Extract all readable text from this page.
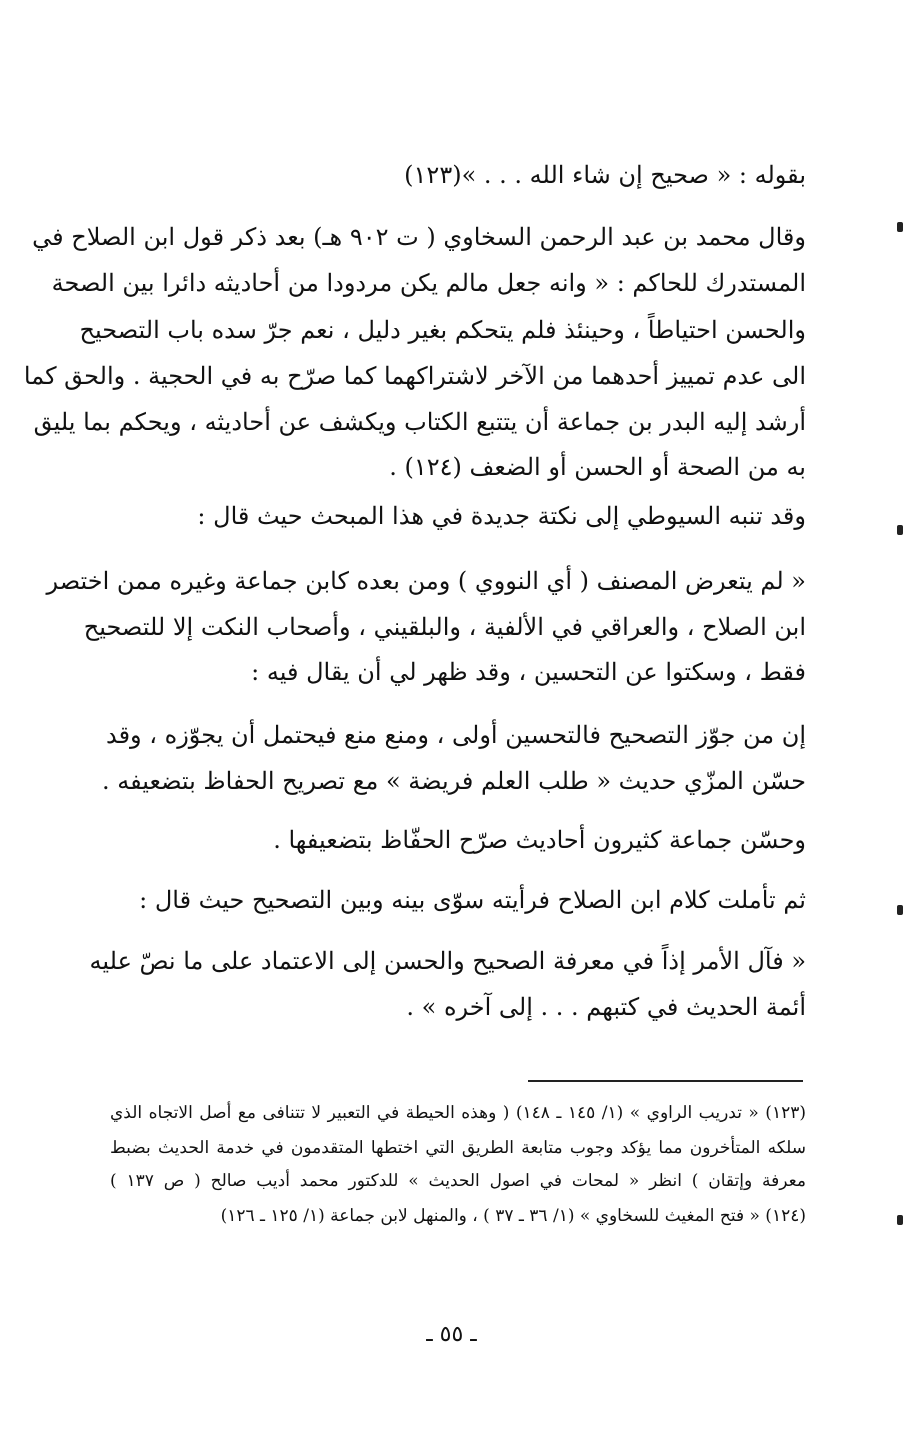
بقوله : « صحيح إن شاء الله . . . »(١٢٣)
وقال محمد بن عبد الرحمن السخاوي ( ت ٩٠٢ هـ) بعد ذكر قول ابن الصلاح في
المستدرك للحاكم : « وانه جعل مالم يكن مردودا من أحاديثه دائرا بين الصحة
والحسن احتياطاً ، وحينئذ فلم يتحكم بغير دليل ، نعم جرّ سده باب التصحيح
الى عدم تمييز أحدهما من الآخر لاشتراكهما كما صرّح به في الحجية . والحق كما
أرشد إليه البدر بن جماعة أن يتتبع الكتاب ويكشف عن أحاديثه ، ويحكم بما يليق
به من الصحة أو الحسن أو الضعف (١٢٤) .
وقد تنبه السيوطي إلى نكتة جديدة في هذا المبحث حيث قال :
« لم يتعرض المصنف ( أي النووي ) ومن بعده كابن جماعة وغيره ممن اختصر
ابن الصلاح ، والعراقي في الألفية ، والبلقيني ، وأصحاب النكت إلا للتصحيح
فقط ، وسكتوا عن التحسين ، وقد ظهر لي أن يقال فيه :
إن من جوّز التصحيح فالتحسين أولى ، ومنع منع فيحتمل أن يجوّزه ، وقد
حسّن المزّي حديث « طلب العلم فريضة » مع تصريح الحفاظ بتضعيفه .
وحسّن جماعة كثيرون أحاديث صرّح الحفّاظ بتضعيفها .
ثم تأملت كلام ابن الصلاح فرأيته سوّى بينه وبين التصحيح حيث قال :
« فآل الأمر إذاً في معرفة الصحيح والحسن إلى الاعتماد على ما نصّ عليه
أئمة الحديث في كتبهم . . . إلى آخره » .
(١٢٣) « تدريب الراوي » (١/ ١٤٥ ـ ١٤٨) ( وهذه الحيطة في التعبير لا تتنافى مع أصل الاتجاه الذي
سلكه المتأخرون مما يؤكد وجوب متابعة الطريق التي اختطها المتقدمون في خدمة الحديث بضبط
معرفة وإتقان ) انظر « لمحات في اصول الحديث » للدكتور محمد أديب صالح ( ص ١٣٧ )
(١٢٤) « فتح المغيث للسخاوي » (١/ ٣٦ ـ ٣٧ ) ، والمنهل لابن جماعة (١/ ١٢٥ ـ ١٢٦)
ـ ٥٥ ـ
